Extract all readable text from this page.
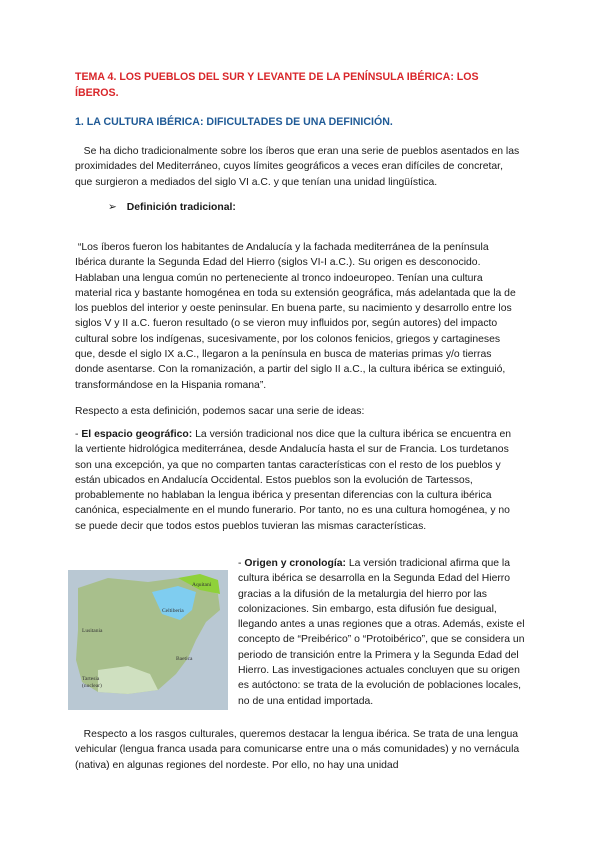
TEMA 4. LOS PUEBLOS DEL SUR Y LEVANTE DE LA PENÍNSULA IBÉRICA: LOS ÍBEROS.

1. LA CULTURA IBÉRICA: DIFICULTADES DE UNA DEFINICIÓN.

Se ha dicho tradicionalmente sobre los íberos que eran una serie de pueblos asentados en las proximidades del Mediterráneo, cuyos límites geográficos a veces eran difíciles de concretar, que surgieron a mediados del siglo VI a.C. y que tenían una unidad lingüística.

➢ Definición tradicional:

“Los íberos fueron los habitantes de Andalucía y la fachada mediterránea de la península Ibérica durante la Segunda Edad del Hierro (siglos VI-I a.C.). Su origen es desconocido. Hablaban una lengua común no perteneciente al tronco indoeuropeo. Tenían una cultura material rica y bastante homogénea en toda su extensión geográfica, más adelantada que la de los pueblos del interior y oeste peninsular. En buena parte, su nacimiento y desarrollo entre los siglos V y II a.C. fueron resultado (o se vieron muy influidos por, según autores) del impacto cultural sobre los indígenas, sucesivamente, por los colonos fenicios, griegos y cartagineses que, desde el siglo IX a.C., llegaron a la península en busca de materias primas y/o tierras donde asentarse. Con la romanización, a partir del siglo II a.C., la cultura ibérica se extinguió, transformándose en la Hispania romana”.

Respecto a esta definición, podemos sacar una serie de ideas:

- El espacio geográfico: La versión tradicional nos dice que la cultura ibérica se encuentra en la vertiente hidrológica mediterránea, desde Andalucía hasta el sur de Francia. Los turdetanos son una excepción, ya que no comparten tantas características con el resto de los pueblos y están ubicados en Andalucía Occidental. Estos pueblos son la evolución de Tartessos, probablemente no hablaban la lengua ibérica y presentan diferencias con la cultura ibérica canónica, especialmente en el mundo funerario. Por tanto, no es una cultura homogénea, y no se puede decir que todos estos pueblos tuvieran las mismas características.

Aquitani
Celtiberia
Lusitania
Baetica
Tartesia
(nuclear)

- Origen y cronología: La versión tradicional afirma que la cultura ibérica se desarrolla en la Segunda Edad del Hierro gracias a la difusión de la metalurgia del hierro por las colonizaciones. Sin embargo, esta difusión fue desigual, llegando antes a unas regiones que a otras. Además, existe el concepto de “Preibérico” o “Protoibérico”, que se considera un periodo de transición entre la Primera y la Segunda Edad del Hierro. Las investigaciones actuales concluyen que su origen es autóctono: se trata de la evolución de poblaciones locales, no de una entidad importada.

Respecto a los rasgos culturales, queremos destacar la lengua ibérica. Se trata de una lengua vehicular (lengua franca usada para comunicarse entre una o más comunidades) y no vernácula (nativa) en algunas regiones del nordeste. Por ello, no hay una unidad
